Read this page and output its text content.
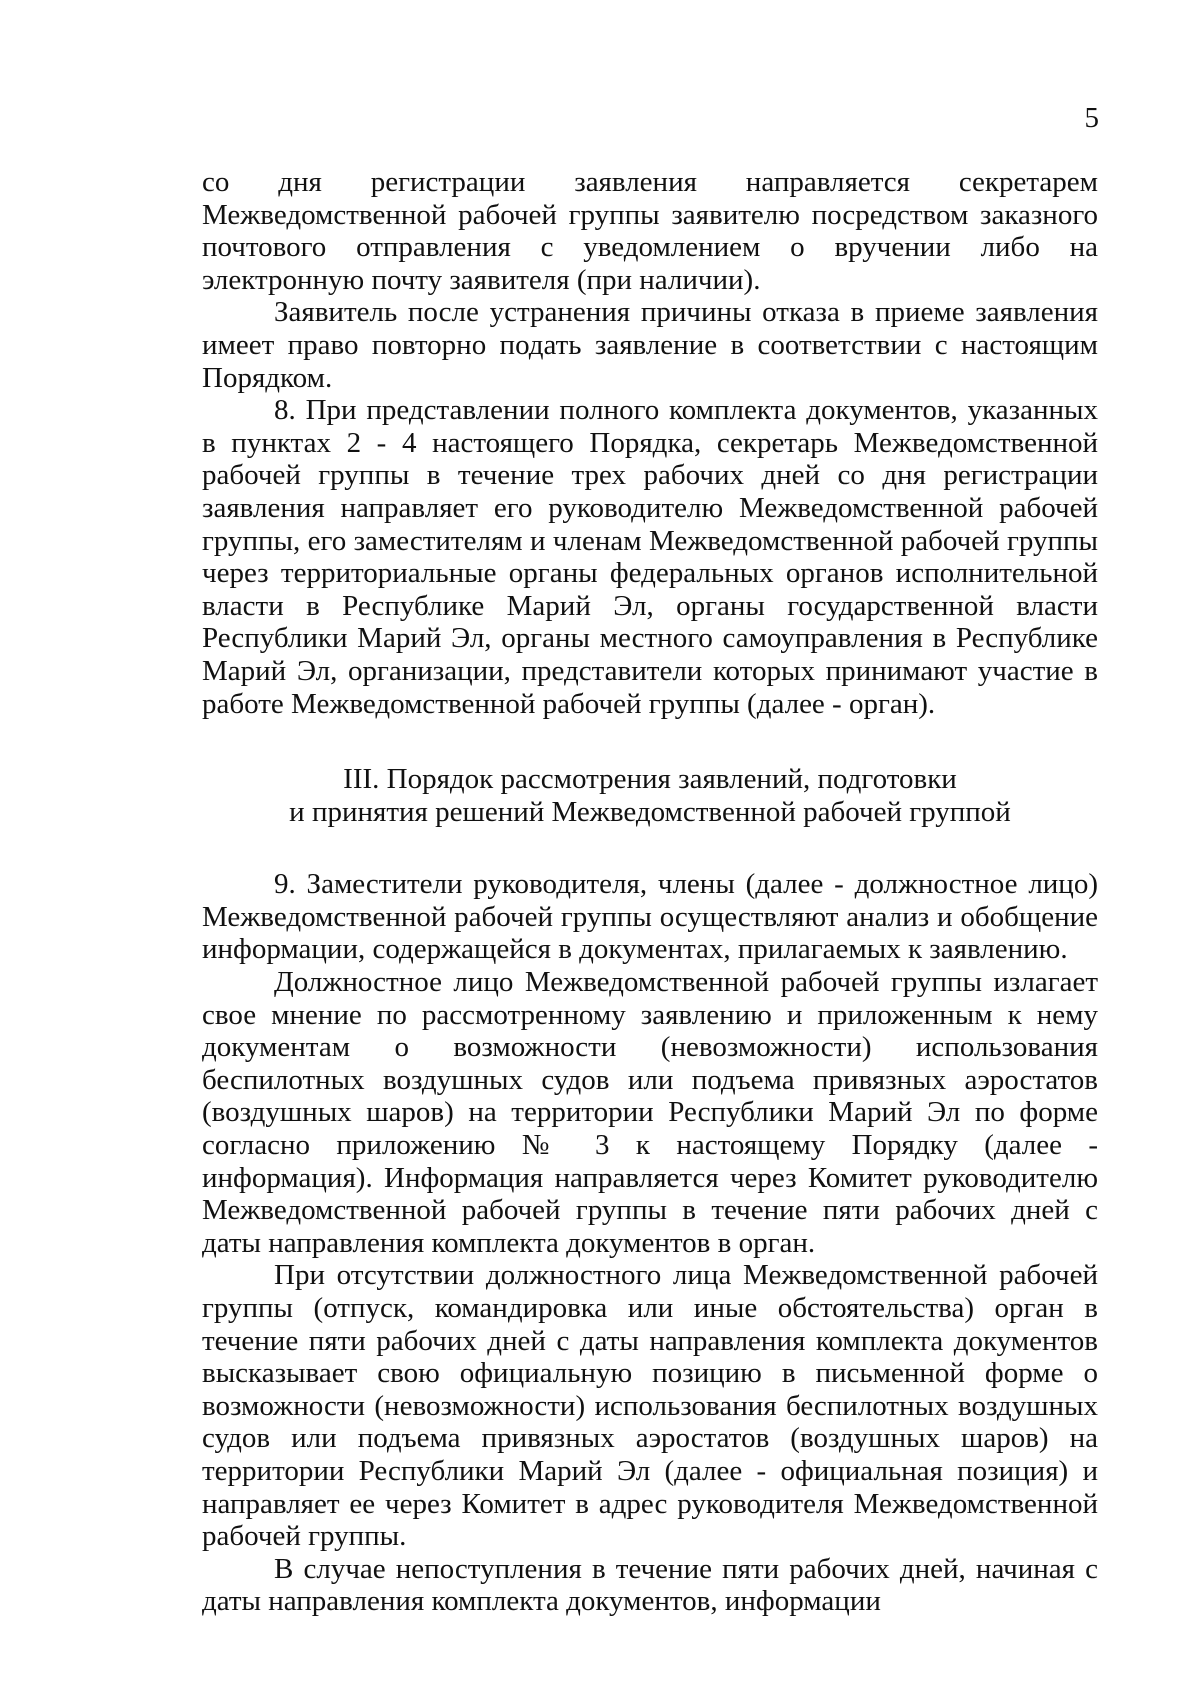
5

со дня регистрации заявления направляется секретарем Межведомственной рабочей группы заявителю посредством заказного почтового отправления с уведомлением о вручении либо на электронную почту заявителя (при наличии).

Заявитель после устранения причины отказа в приеме заявления имеет право повторно подать заявление в соответствии с настоящим Порядком.

8. При представлении полного комплекта документов, указанных в пунктах 2 - 4 настоящего Порядка, секретарь Межведомственной рабочей группы в течение трех рабочих дней со дня регистрации заявления направляет его руководителю Межведомственной рабочей группы, его заместителям и членам Межведомственной рабочей группы через территориальные органы федеральных органов исполнительной власти в Республике Марий Эл, органы государственной власти Республики Марий Эл, органы местного самоуправления в Республике Марий Эл, организации, представители которых принимают участие в работе Межведомственной рабочей группы (далее - орган).

III. Порядок рассмотрения заявлений, подготовки
и принятия решений Межведомственной рабочей группой

9. Заместители руководителя, члены (далее - должностное лицо) Межведомственной рабочей группы осуществляют анализ и обобщение информации, содержащейся в документах, прилагаемых к заявлению.

Должностное лицо Межведомственной рабочей группы излагает свое мнение по рассмотренному заявлению и приложенным к нему документам о возможности (невозможности) использования беспилотных воздушных судов или подъема привязных аэростатов (воздушных шаров) на территории Республики Марий Эл по форме согласно приложению № 3 к настоящему Порядку (далее - информация). Информация направляется через Комитет руководителю Межведомственной рабочей группы в течение пяти рабочих дней с даты направления комплекта документов в орган.

При отсутствии должностного лица Межведомственной рабочей группы (отпуск, командировка или иные обстоятельства) орган в течение пяти рабочих дней с даты направления комплекта документов высказывает свою официальную позицию в письменной форме о возможности (невозможности) использования беспилотных воздушных судов или подъема привязных аэростатов (воздушных шаров) на территории Республики Марий Эл (далее - официальная позиция) и направляет ее через Комитет в адрес руководителя Межведомственной рабочей группы.

В случае непоступления в течение пяти рабочих дней, начиная с даты направления комплекта документов, информации
